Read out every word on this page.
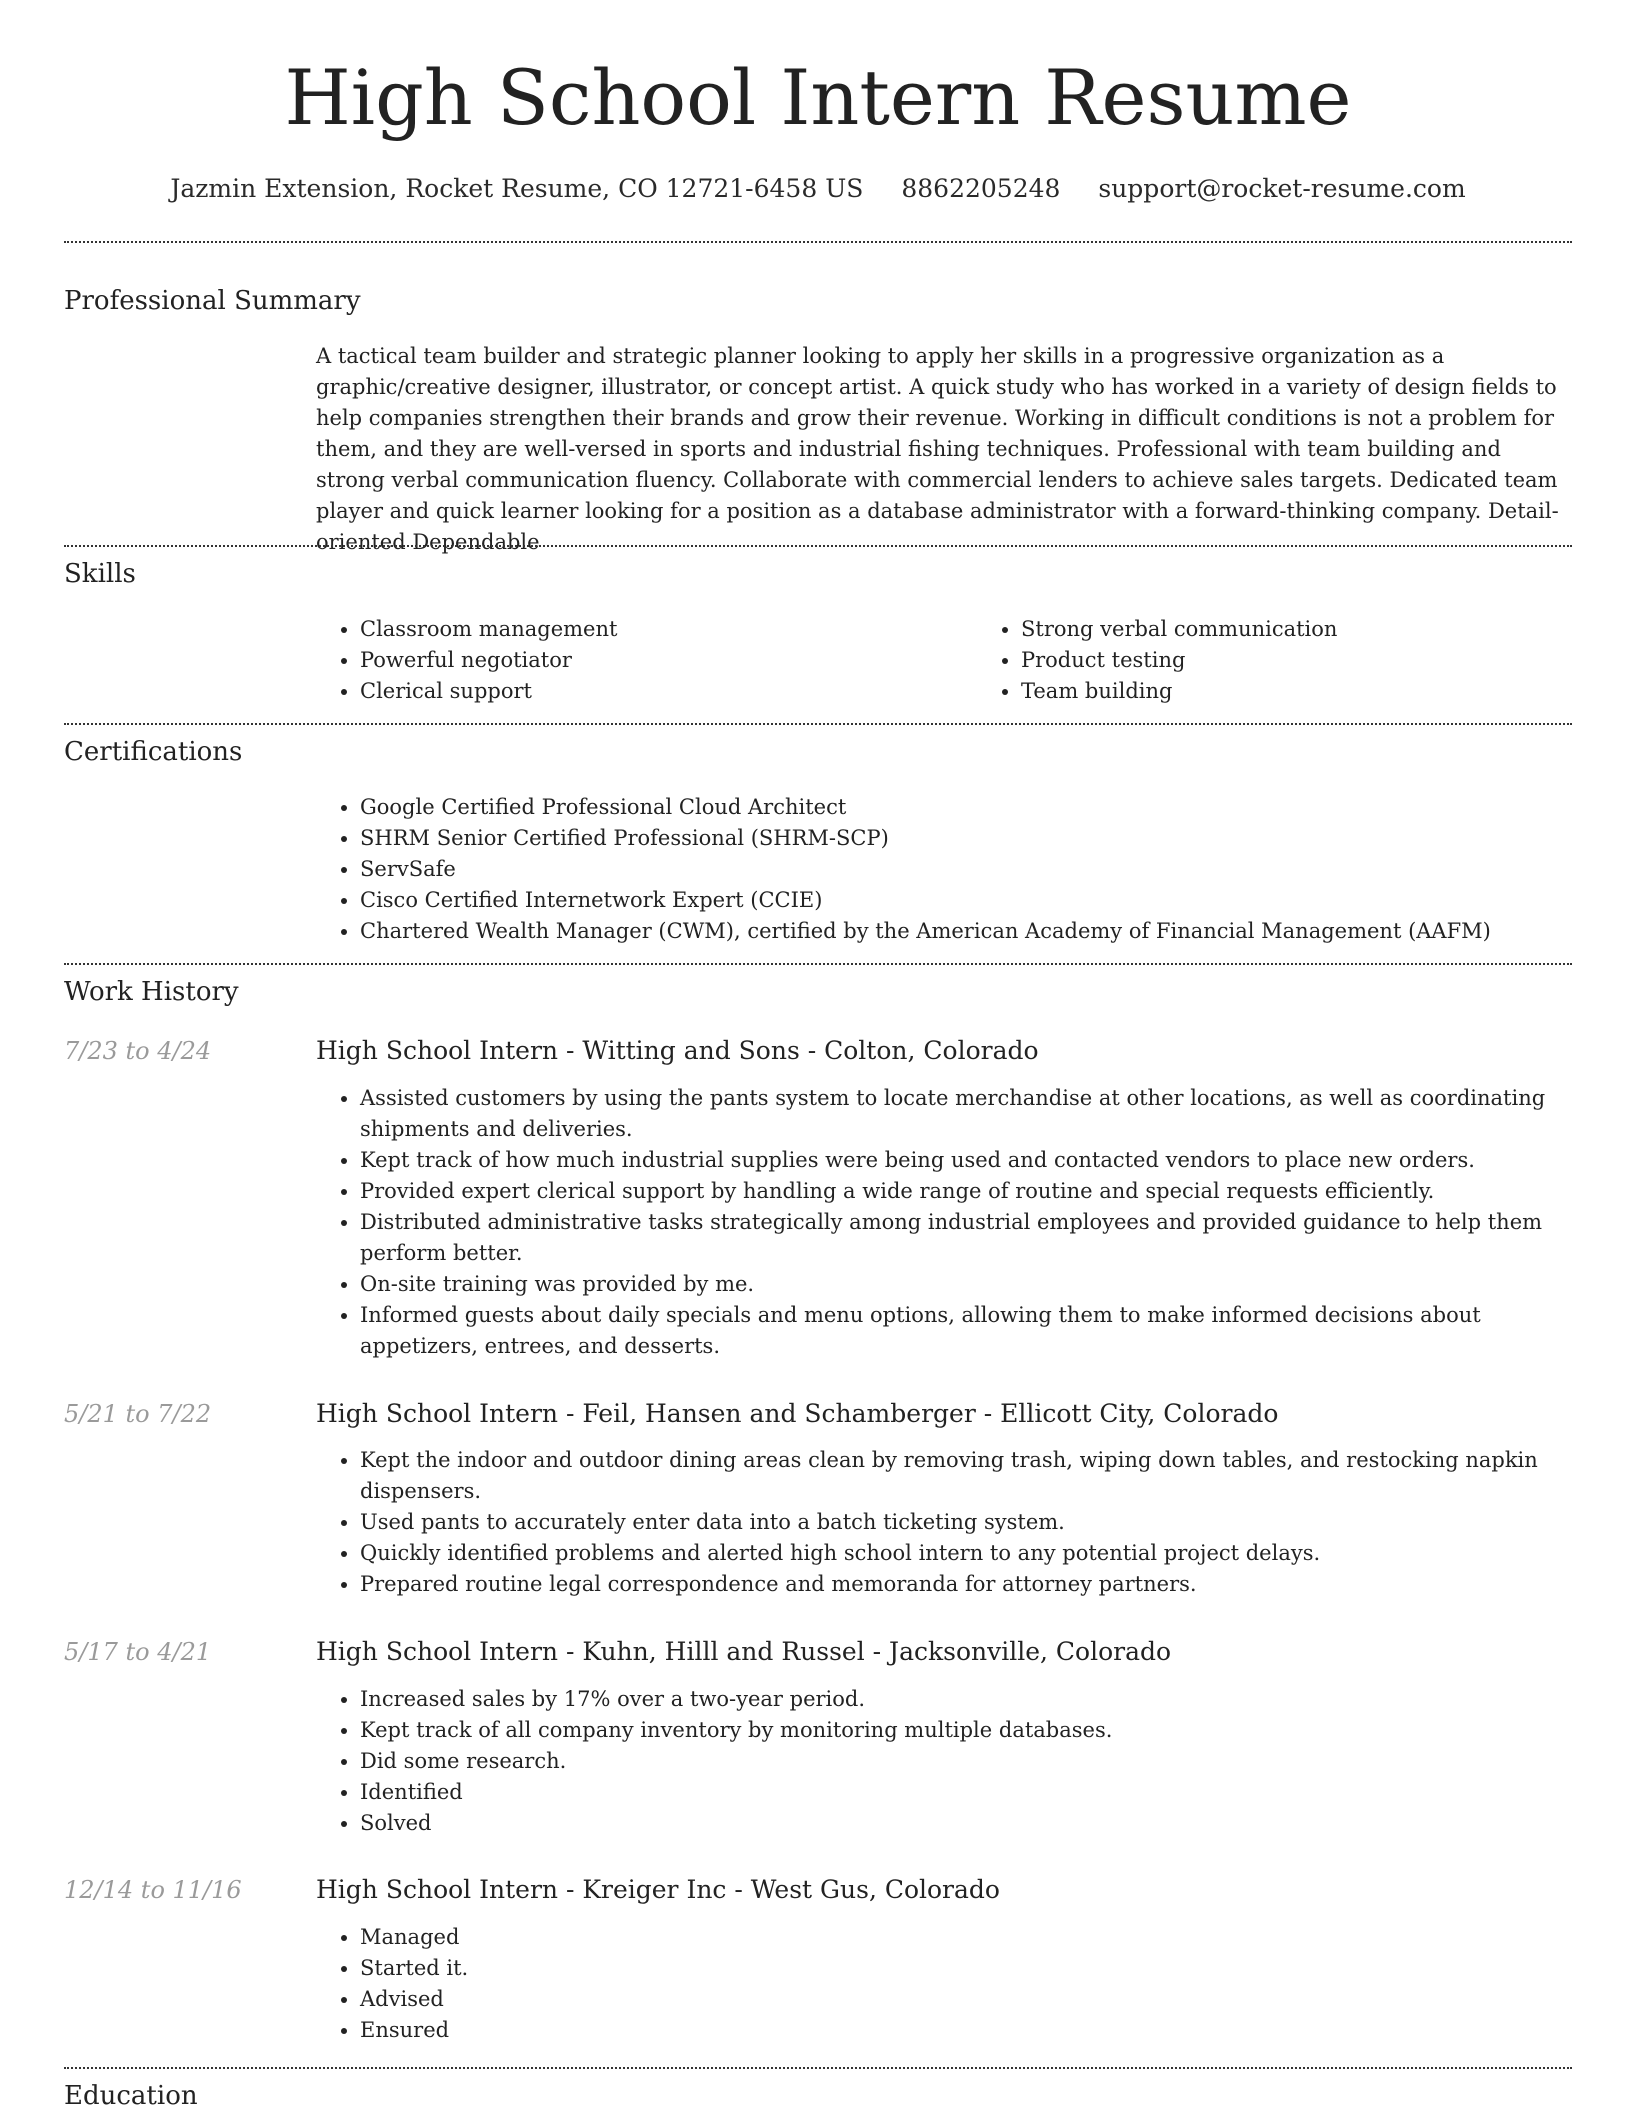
High School Intern Resume
Jazmin Extension, Rocket Resume, CO 12721-6458 US 8862205248 support@rocket-resume.com
Professional Summary

A tactical team builder and strategic planner looking to apply her skills in a progressive organization as a graphic/creative designer, illustrator, or concept artist. A quick study who has worked in a variety of design fields to help companies strengthen their brands and grow their revenue. Working in difficult conditions is not a problem for them, and they are well-versed in sports and industrial fishing techniques. Professional with team building and strong verbal communication fluency. Collaborate with commercial lenders to achieve sales targets. Dedicated team player and quick learner looking for a position as a database administrator with a forward-thinking company. Detail-oriented Dependable

Skills
• Classroom management
• Powerful negotiator
• Clerical support
• Strong verbal communication
• Product testing
• Team building
Certifications
• Google Certified Professional Cloud Architect
• SHRM Senior Certified Professional (SHRM-SCP)
• ServSafe
• Cisco Certified Internetwork Expert (CCIE)
• Chartered Wealth Manager (CWM), certified by the American Academy of Financial Management (AAFM)
Work History
7/23 to 4/24	High School Intern - Witting and Sons - Colton, Colorado
• Assisted customers by using the pants system to locate merchandise at other locations, as well as coordinating shipments and deliveries.
• Kept track of how much industrial supplies were being used and contacted vendors to place new orders.
• Provided expert clerical support by handling a wide range of routine and special requests efficiently.
• Distributed administrative tasks strategically among industrial employees and provided guidance to help them perform better.
• On-site training was provided by me.
• Informed guests about daily specials and menu options, allowing them to make informed decisions about appetizers, entrees, and desserts.
5/21 to 7/22	High School Intern - Feil, Hansen and Schamberger - Ellicott City, Colorado
• Kept the indoor and outdoor dining areas clean by removing trash, wiping down tables, and restocking napkin dispensers.
• Used pants to accurately enter data into a batch ticketing system.
• Quickly identified problems and alerted high school intern to any potential project delays.
• Prepared routine legal correspondence and memoranda for attorney partners.
5/17 to 4/21	High School Intern - Kuhn, Hilll and Russel - Jacksonville, Colorado
• Increased sales by 17% over a two-year period.
• Kept track of all company inventory by monitoring multiple databases.
• Did some research.
• Identified
• Solved
12/14 to 11/16	High School Intern - Kreiger Inc - West Gus, Colorado
• Managed
• Started it.
• Advised
• Ensured
Education
